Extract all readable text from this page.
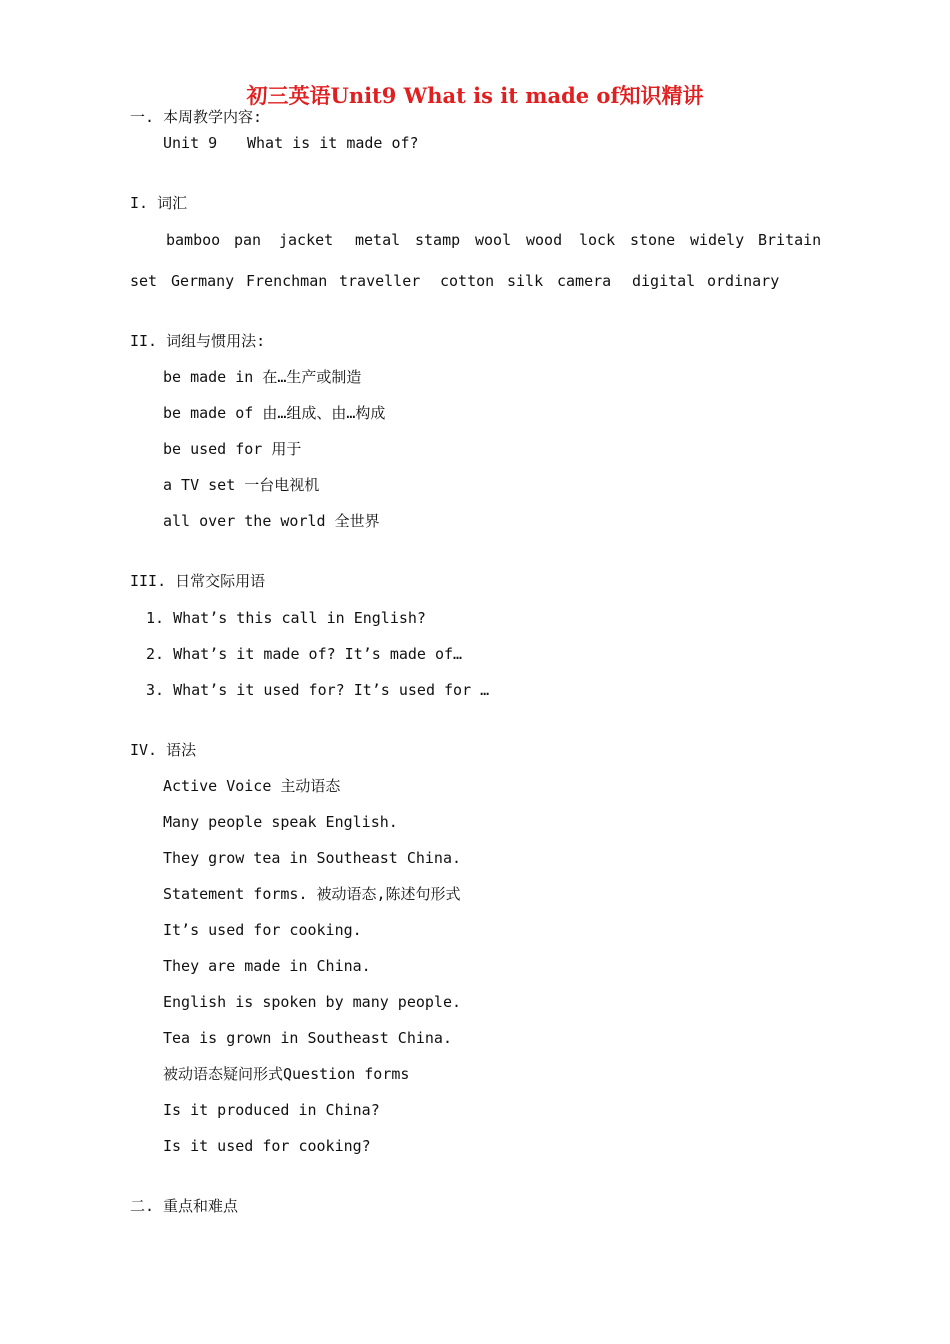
初三英语Unit9 What is it made of知识精讲
一. 本周教学内容:
Unit 9 What is it made of?
I. 词汇
bamboo pan jacket metal stamp wool wood lock stone widely Britain
set Germany Frenchman traveller cotton silk camera digital ordinary
II. 词组与惯用法:
be made in 在…生产或制造
be made of 由…组成、由…构成
be used for 用于
a TV set 一台电视机
all over the world 全世界
III. 日常交际用语
1. What’s this call in English?
2. What’s it made of? It’s made of…
3. What’s it used for? It’s used for …
IV. 语法
Active Voice 主动语态
Many people speak English.
They grow tea in Southeast China.
Statement forms. 被动语态,陈述句形式
It’s used for cooking.
They are made in China.
English is spoken by many people.
Tea is grown in Southeast China.
被动语态疑问形式Question forms
Is it produced in China?
Is it used for cooking?
二. 重点和难点
